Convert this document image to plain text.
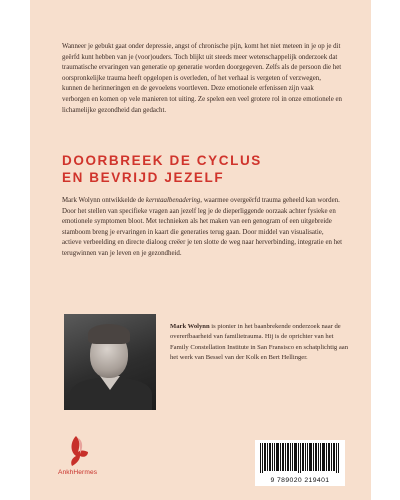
Wanneer je gebukt gaat onder depressie, angst of chronische pijn, komt het niet meteen in je op je dit geërfd kunt hebben van je (voor)ouders. Toch blijkt uit steeds meer wetenschappelijk onderzoek dat traumatische ervaringen van generatie op generatie worden doorgegeven. Zelfs als de persoon die het oorspronkelijke trauma heeft opgelopen is overleden, of het verhaal is vergeten of verzwegen, kunnen de herinneringen en de gevoelens voortleven. Deze emotionele erfenissen zijn vaak verborgen en komen op vele manieren tot uiting. Ze spelen een veel grotere rol in onze emotionele en lichamelijke gezondheid dan gedacht.

DOORBREEK DE CYCLUS
EN BEVRIJD JEZELF

Mark Wolynn ontwikkelde de kerntaalbenadering, waarmee overgeërfd trauma geheeld kan worden. Door het stellen van specifieke vragen aan jezelf leg je de dieperliggende oorzaak achter fysieke en emotionele symptomen bloot. Met technieken als het maken van een genogram of een uitgebreide stamboom breng je ervaringen in kaart die generaties terug gaan. Door middel van visualisatie, actieve verbeelding en directe dialoog creëer je ten slotte de weg naar herverbinding, integratie en het terugwinnen van je leven en je gezondheid.

Mark Wolynn is pionier in het baanbrekende onderzoek naar de overerfbaarheid van familietrauma. Hij is de oprichter van het Family Constellation Institute in San Fransisco en schatplichtig aan het werk van Bessel van der Kolk en Bert Hellinger.
AnkhHermes
9 789020 219401
